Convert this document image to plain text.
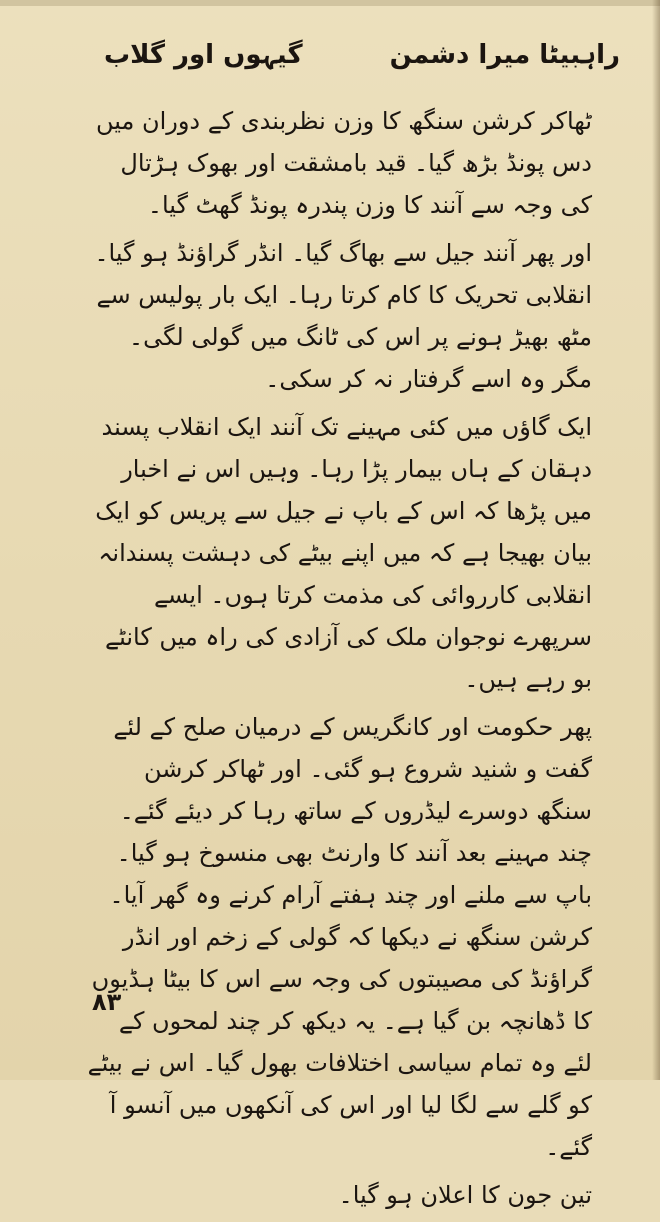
گیہوں اور گلاب	راہبیٹا میرا دشمن

ٹھاکر کرشن سنگھ کا وزن نظربندی کے دوران میں دس پونڈ بڑھ گیا۔ قید بامشقت اور بھوک ہڑتال کی وجہ سے آنند کا وزن پندرہ پونڈ گھٹ گیا۔

اور پھر آنند جیل سے بھاگ گیا۔ انڈر گراؤنڈ ہو گیا۔ انقلابی تحریک کا کام کرتا رہا۔ ایک بار پولیس سے مٹھ بھیڑ ہونے پر اس کی ٹانگ میں گولی لگی۔ مگر وہ اسے گرفتار نہ کر سکی۔

ایک گاؤں میں کئی مہینے تک آنند ایک انقلاب پسند دہقان کے ہاں بیمار پڑا رہا۔ وہیں اس نے اخبار میں پڑھا کہ اس کے باپ نے جیل سے پریس کو ایک بیان بھیجا ہے کہ میں اپنے بیٹے کی دہشت پسندانہ انقلابی کارروائی کی مذمت کرتا ہوں۔ ایسے سرپھرے نوجوان ملک کی آزادی کی راہ میں کانٹے بو رہے ہیں۔

پھر حکومت اور کانگریس کے درمیان صلح کے لئے گفت و شنید شروع ہو گئی۔ اور ٹھاکر کرشن سنگھ دوسرے لیڈروں کے ساتھ رہا کر دیئے گئے۔ چند مہینے بعد آنند کا وارنٹ بھی منسوخ ہو گیا۔ باپ سے ملنے اور چند ہفتے آرام کرنے وہ گھر آیا۔ کرشن سنگھ نے دیکھا کہ گولی کے زخم اور انڈر گراؤنڈ کی مصیبتوں کی وجہ سے اس کا بیٹا ہڈیوں کا ڈھانچہ بن گیا ہے۔ یہ دیکھ کر چند لمحوں کے لئے وہ تمام سیاسی اختلافات بھول گیا۔ اس نے بیٹے کو گلے سے لگا لیا اور اس کی آنکھوں میں آنسو آ گئے۔

تین جون کا اعلان ہو گیا۔

۸۳
